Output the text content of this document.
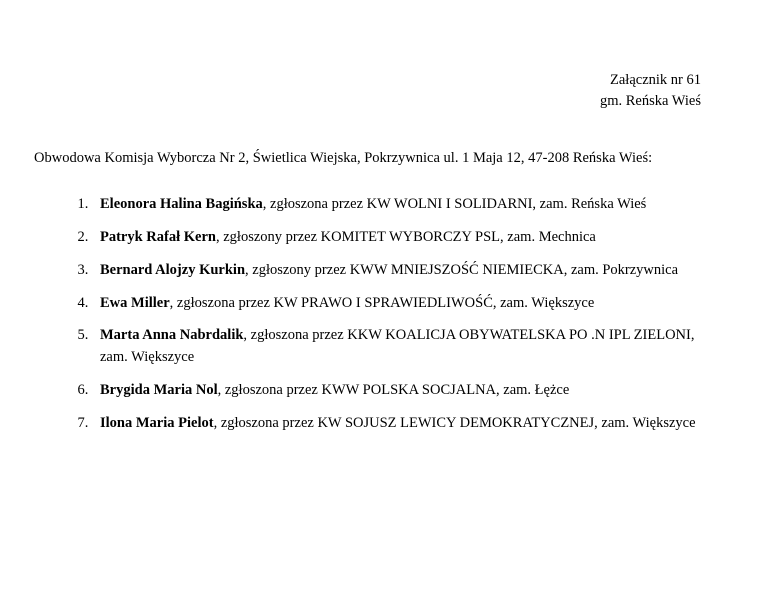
Załącznik nr 61
gm. Reńska Wieś
Obwodowa Komisja Wyborcza Nr 2, Świetlica Wiejska, Pokrzywnica ul. 1 Maja 12, 47-208 Reńska Wieś:
1. Eleonora Halina Bagińska, zgłoszona przez KW WOLNI I SOLIDARNI, zam. Reńska Wieś
2. Patryk Rafał Kern, zgłoszony przez KOMITET WYBORCZY PSL, zam. Mechnica
3. Bernard Alojzy Kurkin, zgłoszony przez KWW MNIEJSZOŚĆ NIEMIECKA, zam. Pokrzywnica
4. Ewa Miller, zgłoszona przez KW PRAWO I SPRAWIEDLIWOŚĆ, zam. Większyce
5. Marta Anna Nabrdalik, zgłoszona przez KKW KOALICJA OBYWATELSKA PO .N IPL ZIELONI, zam. Większyce
6. Brygida Maria Nol, zgłoszona przez KWW POLSKA SOCJALNA, zam. Łężce
7. Ilona Maria Pielot, zgłoszona przez KW SOJUSZ LEWICY DEMOKRATYCZNEJ, zam. Większyce
